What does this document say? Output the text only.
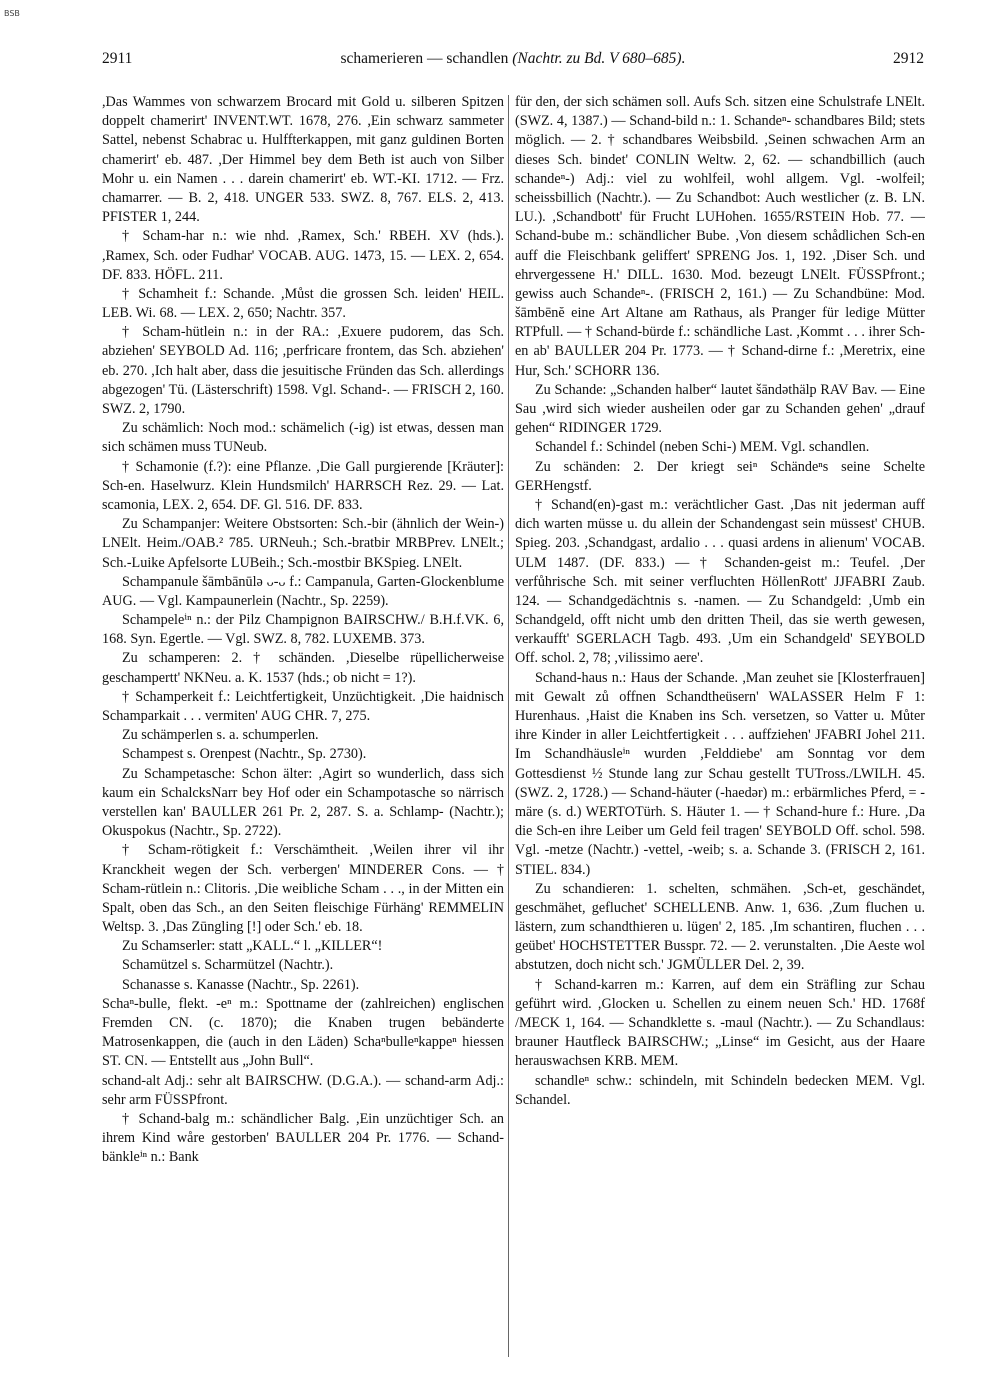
BSB
2911	schamerieren — schandlen (Nachtr. zu Bd. V 680–685).	2912

,Das Wammes von schwarzem Brocard mit Gold u. silberen Spitzen doppelt chamerirt' INVENT.WT. 1678, 276. ,Ein schwarz sammeter Sattel, nebenst Schabrac u. Hulffterkappen, mit ganz guldinen Borten chamerirt' eb. 487. ,Der Himmel bey dem Beth ist auch von Silber Mohr u. ein Namen . . . darein chamerirt' eb. WT.-KI. 1712. — Frz. chamarrer. — B. 2, 418. UNGER 533. SWZ. 8, 767. ELS. 2, 413. PFISTER 1, 244.

† Scham-har n.: wie nhd. ,Ramex, Sch.' RBEH. XV (hds.). ,Ramex, Sch. oder Fudhar' VOCAB. AUG. 1473, 15. — LEX. 2, 654. DF. 833. HÖFL. 211.

† Schamheit f.: Schande. ,Můst die grossen Sch. leiden' HEIL. LEB. Wi. 68. — LEX. 2, 650; Nachtr. 357.

† Scham-hütlein n.: in der RA.: ,Exuere pudorem, das Sch. abziehen' SEYBOLD Ad. 116; ,perfricare frontem, das Sch. abziehen' eb. 270. ,Ich halt aber, dass die jesuitische Fründen das Sch. allerdings abgezogen' Tü. (Lästerschrift) 1598. Vgl. Schand-. — FRISCH 2, 160. SWZ. 2, 1790.

Zu schämlich: Noch mod.: schämelich (-ig) ist etwas, dessen man sich schämen muss TUNeub.

† Schamonie (f.?): eine Pflanze. ,Die Gall purgierende [Kräuter]: Sch-en. Haselwurz. Klein Hundsmilch' HARRSCH Rez. 29. — Lat. scamonia, LEX. 2, 654. DF. Gl. 516. DF. 833.

Zu Schampanjer: Weitere Obstsorten: Sch.-bir (ähnlich der Wein-) LNElt. Heim./OAB.² 785. URNeuh.; Sch.-bratbir MRBPrev. LNElt.; Sch.-Luike Apfelsorte LUBeih.; Sch.-mostbir BKSpieg. LNElt.

Schampanule šāmbānūlə ᴗ-ᴗ f.: Campanula, Garten-Glockenblume AUG. — Vgl. Kampaunerlein (Nachtr., Sp. 2259).

Schampeleⁱⁿ n.: der Pilz Champignon BAIRSCHW./ B.H.f.VK. 6, 168. Syn. Egertle. — Vgl. SWZ. 8, 782. LUXEMB. 373.

Zu schamperen: 2. † schänden. ,Dieselbe rüpellicherweise geschampertt' NKNeu. a. K. 1537 (hds.; ob nicht = 1?).

† Schamperkeit f.: Leichtfertigkeit, Unzüchtigkeit. ,Die haidnisch Schamparkait . . . vermiten' AUG CHR. 7, 275.

Zu schämperlen s. a. schumperlen.

Schampest s. Orenpest (Nachtr., Sp. 2730).

Zu Schampetasche: Schon älter: ,Agirt so wunderlich, dass sich kaum ein SchalcksNarr bey Hof oder ein Schampotasche so närrisch verstellen kan' BAULLER 261 Pr. 2, 287. S. a. Schlamp- (Nachtr.); Okuspokus (Nachtr., Sp. 2722).

† Scham-rötigkeit f.: Verschämtheit. ,Weilen ihrer vil ihr Kranckheit wegen der Sch. verbergen' MINDERER Cons. — † Scham-rütlein n.: Clitoris. ,Die weibliche Scham . . ., in der Mitten ein Spalt, oben das Sch., an den Seiten fleischige Fürhäng' REMMELIN Weltsp. 3. ,Das Zūngling [!] oder Sch.' eb. 18.

Zu Schamserler: statt „KALL.“ l. „KILLER“!

Schamützel s. Scharmützel (Nachtr.).

Schanasse s. Kanasse (Nachtr., Sp. 2261).

Schaⁿ-bulle, flekt. -eⁿ m.: Spottname der (zahlreichen) englischen Fremden CN. (c. 1870); die Knaben trugen bebänderte Matrosenkappen, die (auch in den Läden) Schaⁿbulleⁿkappeⁿ hiessen ST. CN. — Entstellt aus „John Bull“.

schand-alt Adj.: sehr alt BAIRSCHW. (D.G.A.). — schand-arm Adj.: sehr arm FÜSSPfront.

† Schand-balg m.: schändlicher Balg. ,Ein unzüchtiger Sch. an ihrem Kind wåre gestorben' BAULLER 204 Pr. 1776. — Schand-bänkleⁱⁿ n.: Bank

für den, der sich schämen soll. Aufs Sch. sitzen eine Schulstrafe LNElt. (SWZ. 4, 1387.) — Schand-bild n.: 1. Schandeⁿ- schandbares Bild; stets möglich. — 2. † schandbares Weibsbild. ,Seinen schwachen Arm an dieses Sch. bindet' CONLIN Weltw. 2, 62. — schandbillich (auch schandeⁿ-) Adj.: viel zu wohlfeil, wohl allgem. Vgl. -wolfeil; scheissbillich (Nachtr.). — Zu Schandbot: Auch westlicher (z. B. LN. LU.). ,Schandbott' für Frucht LUHohen. 1655/RSTEIN Hob. 77. — Schand-bube m.: schändlicher Bube. ,Von diesem schådlichen Sch-en auff die Fleischbank geliffert' SPRENG Jos. 1, 192. ,Diser Sch. und ehrvergessene H.' DILL. 1630. Mod. bezeugt LNElt. FÜSSPfront.; gewiss auch Schandeⁿ-. (FRISCH 2, 161.) — Zu Schandbüne: Mod. šāmbēnĕ eine Art Altane am Rathaus, als Pranger für ledige Mütter RTPfull. — † Schand-bürde f.: schändliche Last. ,Kommt . . . ihrer Sch-en ab' BAULLER 204 Pr. 1773. — † Schand-dirne f.: ,Meretrix, eine Hur, Sch.' SCHORR 136.

Zu Schande: „Schanden halber“ lautet šāndəthälp RAV Bav. — Eine Sau ,wird sich wieder ausheilen oder gar zu Schanden gehen' „drauf gehen“ RIDINGER 1729.

Schandel f.: Schindel (neben Schi-) MEM. Vgl. schandlen.

Zu schänden: 2. Der kriegt seiⁿ Schändeⁿs seine Schelte GERHengstf.

† Schand(en)-gast m.: verächtlicher Gast. ,Das nit jederman auff dich warten müsse u. du allein der Schandengast sein müssest' CHUB. Spieg. 203. ,Schandgast, ardalio . . . quasi ardens in alienum' VOCAB. ULM 1487. (DF. 833.) — † Schanden-geist m.: Teufel. ,Der verfůhrische Sch. mit seiner verfluchten HöllenRott' JJFABRI Zaub. 124. — Schandgedächtnis s. -namen. — Zu Schandgeld: ,Umb ein Schandgeld, offt nicht umb den dritten Theil, das sie werth gewesen, verkaufft' SGERLACH Tagb. 493. ,Um ein Schandgeld' SEYBOLD Off. schol. 2, 78; ,vilissimo aere'.

Schand-haus n.: Haus der Schande. ,Man zeuhet sie [Klosterfrauen] mit Gewalt zů offnen Schandtheüsern' WALASSER Helm F 1: Hurenhaus. ,Haist die Knaben ins Sch. versetzen, so Vatter u. Můter ihre Kinder in aller Leichtfertigkeit . . . auffziehen' JFABRI Johel 211. Im Schandhäusleⁱⁿ wurden ,Felddiebe' am Sonntag vor dem Gottesdienst ½ Stunde lang zur Schau gestellt TUTross./LWILH. 45. (SWZ. 2, 1728.) — Schand-häuter (-haedər) m.: erbärmliches Pferd, = -märe (s. d.) WERTOTürh. S. Häuter 1. — † Schand-hure f.: Hure. ,Da die Sch-en ihre Leiber um Geld feil tragen' SEYBOLD Off. schol. 598. Vgl. -metze (Nachtr.) -vettel, -weib; s. a. Schande 3. (FRISCH 2, 161. STIEL. 834.)

Zu schandieren: 1. schelten, schmähen. ,Sch-et, geschändet, geschmähet, gefluchet' SCHELLENB. Anw. 1, 636. ,Zum fluchen u. lästern, zum schandthieren u. lügen' 2, 185. ,Im schantiren, fluchen . . . geübet' HOCHSTETTER Busspr. 72. — 2. verunstalten. ,Die Aeste wol abstutzen, doch nicht sch.' JGMÜLLER Del. 2, 39.

† Schand-karren m.: Karren, auf dem ein Sträfling zur Schau geführt wird. ,Glocken u. Schellen zu einem neuen Sch.' HD. 1768f /MECK 1, 164. — Schandklette s. -maul (Nachtr.). — Zu Schandlaus: brauner Hautfleck BAIRSCHW.; „Linse“ im Gesicht, aus der Haare herauswachsen KRB. MEM.

schandleⁿ schw.: schindeln, mit Schindeln bedecken MEM. Vgl. Schandel.
